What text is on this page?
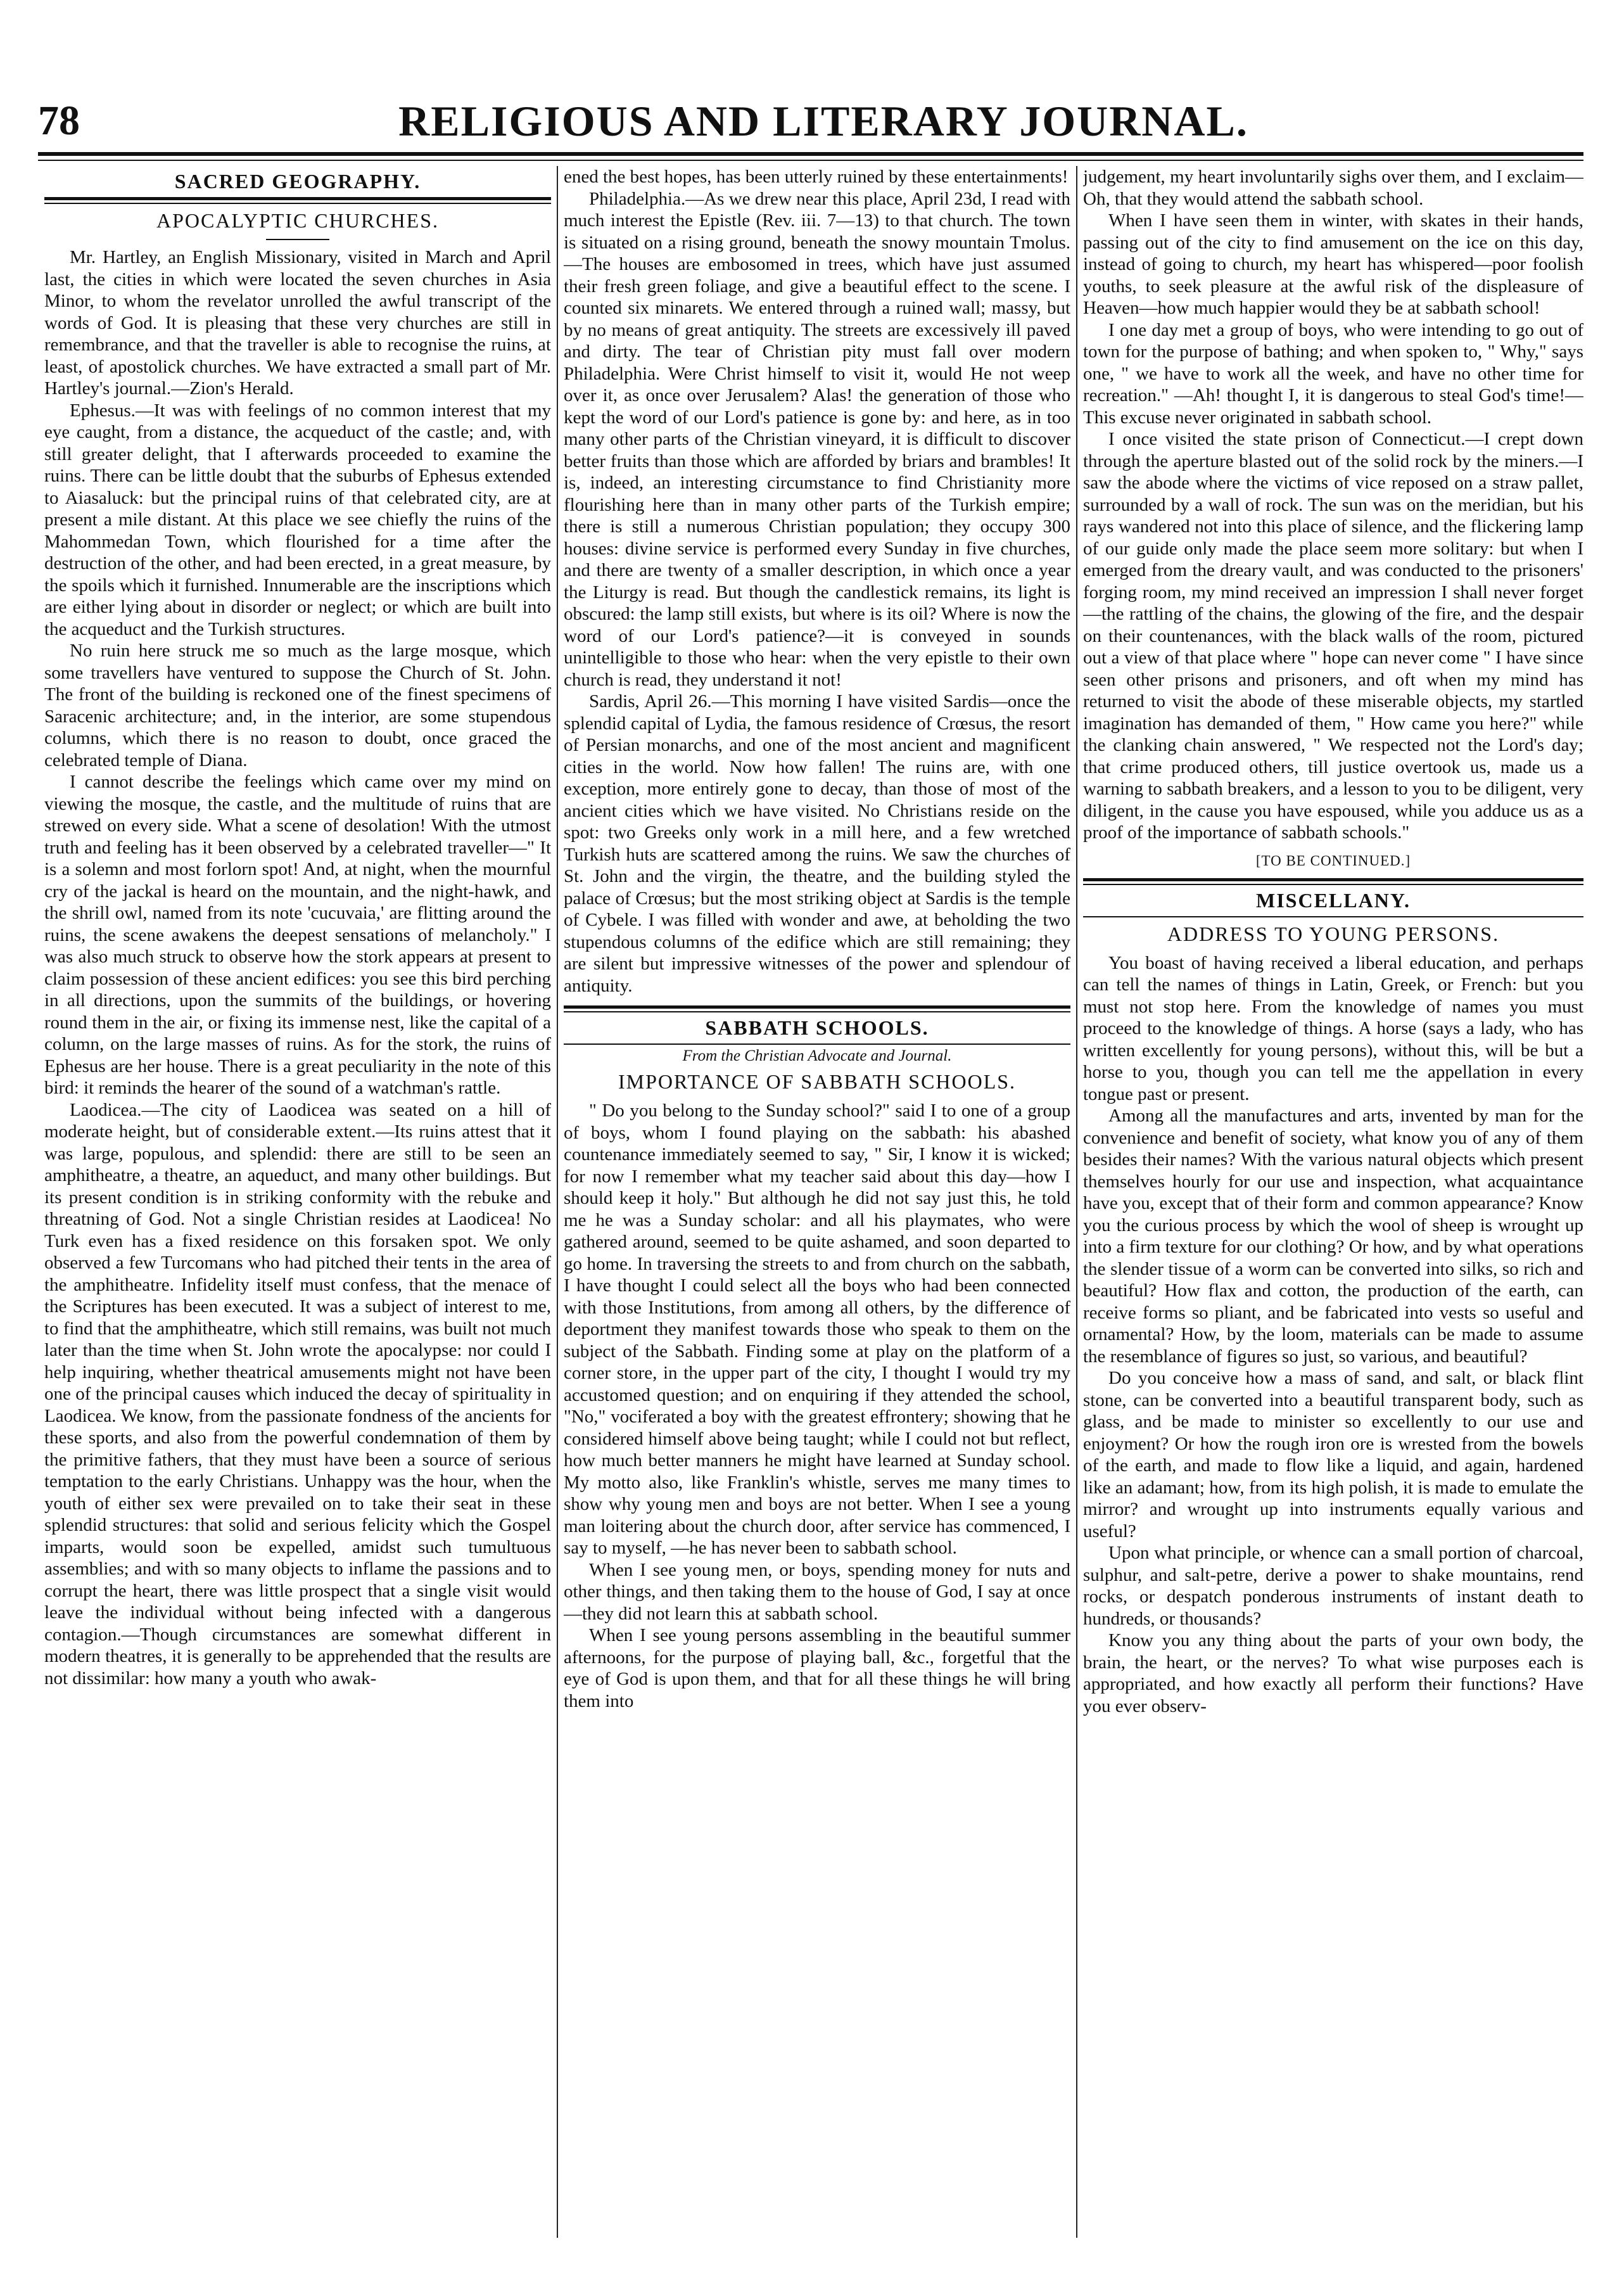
78	RELIGIOUS AND LITERARY JOURNAL.
SACRED GEOGRAPHY.
APOCALYPTIC CHURCHES.

Mr. Hartley, an English Missionary, visited in March and April last, the cities in which were located the seven churches in Asia Minor, to whom the revelator unrolled the awful transcript of the words of God. It is pleasing that these very churches are still in remembrance, and that the traveller is able to recognise the ruins, at least, of apostolick churches. We have extracted a small part of Mr. Hartley's journal.—Zion's Herald.

Ephesus.—It was with feelings of no common interest that my eye caught, from a distance, the acqueduct of the castle; and, with still greater delight, that I afterwards proceeded to examine the ruins. There can be little doubt that the suburbs of Ephesus extended to Aiasaluck: but the principal ruins of that celebrated city, are at present a mile distant. At this place we see chiefly the ruins of the Mahommedan Town, which flourished for a time after the destruction of the other, and had been erected, in a great measure, by the spoils which it furnished. Innumerable are the inscriptions which are either lying about in disorder or neglect; or which are built into the acqueduct and the Turkish structures.

No ruin here struck me so much as the large mosque, which some travellers have ventured to suppose the Church of St. John. The front of the building is reckoned one of the finest specimens of Saracenic architecture; and, in the interior, are some stupendous columns, which there is no reason to doubt, once graced the celebrated temple of Diana.

I cannot describe the feelings which came over my mind on viewing the mosque, the castle, and the multitude of ruins that are strewed on every side. What a scene of desolation! With the utmost truth and feeling has it been observed by a celebrated traveller—" It is a solemn and most forlorn spot! And, at night, when the mournful cry of the jackal is heard on the mountain, and the night-hawk, and the shrill owl, named from its note 'cucuvaia,' are flitting around the ruins, the scene awakens the deepest sensations of melancholy." I was also much struck to observe how the stork appears at present to claim possession of these ancient edifices: you see this bird perching in all directions, upon the summits of the buildings, or hovering round them in the air, or fixing its immense nest, like the capital of a column, on the large masses of ruins. As for the stork, the ruins of Ephesus are her house. There is a great peculiarity in the note of this bird: it reminds the hearer of the sound of a watchman's rattle.

Laodicea.—The city of Laodicea was seated on a hill of moderate height, but of considerable extent.—Its ruins attest that it was large, populous, and splendid: there are still to be seen an amphitheatre, a theatre, an aqueduct, and many other buildings. But its present condition is in striking conformity with the rebuke and threatning of God. Not a single Christian resides at Laodicea! No Turk even has a fixed residence on this forsaken spot. We only observed a few Turcomans who had pitched their tents in the area of the amphitheatre. Infidelity itself must confess, that the menace of the Scriptures has been executed. It was a subject of interest to me, to find that the amphitheatre, which still remains, was built not much later than the time when St. John wrote the apocalypse: nor could I help inquiring, whether theatrical amusements might not have been one of the principal causes which induced the decay of spirituality in Laodicea. We know, from the passionate fondness of the ancients for these sports, and also from the powerful condemnation of them by the primitive fathers, that they must have been a source of serious temptation to the early Christians. Unhappy was the hour, when the youth of either sex were prevailed on to take their seat in these splendid structures: that solid and serious felicity which the Gospel imparts, would soon be expelled, amidst such tumultuous assemblies; and with so many objects to inflame the passions and to corrupt the heart, there was little prospect that a single visit would leave the individual without being infected with a dangerous contagion.—Though circumstances are somewhat different in modern theatres, it is generally to be apprehended that the results are not dissimilar: how many a youth who awak-

ened the best hopes, has been utterly ruined by these entertainments!

Philadelphia.—As we drew near this place, April 23d, I read with much interest the Epistle (Rev. iii. 7—13) to that church. The town is situated on a rising ground, beneath the snowy mountain Tmolus.—The houses are embosomed in trees, which have just assumed their fresh green foliage, and give a beautiful effect to the scene. I counted six minarets. We entered through a ruined wall; massy, but by no means of great antiquity. The streets are excessively ill paved and dirty. The tear of Christian pity must fall over modern Philadelphia. Were Christ himself to visit it, would He not weep over it, as once over Jerusalem? Alas! the generation of those who kept the word of our Lord's patience is gone by: and here, as in too many other parts of the Christian vineyard, it is difficult to discover better fruits than those which are afforded by briars and brambles! It is, indeed, an interesting circumstance to find Christianity more flourishing here than in many other parts of the Turkish empire; there is still a numerous Christian population; they occupy 300 houses: divine service is performed every Sunday in five churches, and there are twenty of a smaller description, in which once a year the Liturgy is read. But though the candlestick remains, its light is obscured: the lamp still exists, but where is its oil? Where is now the word of our Lord's patience?—it is conveyed in sounds unintelligible to those who hear: when the very epistle to their own church is read, they understand it not!

Sardis, April 26.—This morning I have visited Sardis—once the splendid capital of Lydia, the famous residence of Crœsus, the resort of Persian monarchs, and one of the most ancient and magnificent cities in the world. Now how fallen! The ruins are, with one exception, more entirely gone to decay, than those of most of the ancient cities which we have visited. No Christians reside on the spot: two Greeks only work in a mill here, and a few wretched Turkish huts are scattered among the ruins. We saw the churches of St. John and the virgin, the theatre, and the building styled the palace of Crœsus; but the most striking object at Sardis is the temple of Cybele. I was filled with wonder and awe, at beholding the two stupendous columns of the edifice which are still remaining; they are silent but impressive witnesses of the power and splendour of antiquity.

SABBATH SCHOOLS.
From the Christian Advocate and Journal.
IMPORTANCE OF SABBATH SCHOOLS.

" Do you belong to the Sunday school?" said I to one of a group of boys, whom I found playing on the sabbath: his abashed countenance immediately seemed to say, " Sir, I know it is wicked; for now I remember what my teacher said about this day—how I should keep it holy." But although he did not say just this, he told me he was a Sunday scholar: and all his playmates, who were gathered around, seemed to be quite ashamed, and soon departed to go home. In traversing the streets to and from church on the sabbath, I have thought I could select all the boys who had been connected with those Institutions, from among all others, by the difference of deportment they manifest towards those who speak to them on the subject of the Sabbath. Finding some at play on the platform of a corner store, in the upper part of the city, I thought I would try my accustomed question; and on enquiring if they attended the school, "No," vociferated a boy with the greatest effrontery; showing that he considered himself above being taught; while I could not but reflect, how much better manners he might have learned at Sunday school. My motto also, like Franklin's whistle, serves me many times to show why young men and boys are not better. When I see a young man loitering about the church door, after service has commenced, I say to myself, —he has never been to sabbath school.

When I see young men, or boys, spending money for nuts and other things, and then taking them to the house of God, I say at once—they did not learn this at sabbath school.

When I see young persons assembling in the beautiful summer afternoons, for the purpose of playing ball, &c., forgetful that the eye of God is upon them, and that for all these things he will bring them into

judgement, my heart involuntarily sighs over them, and I exclaim—Oh, that they would attend the sabbath school.

When I have seen them in winter, with skates in their hands, passing out of the city to find amusement on the ice on this day, instead of going to church, my heart has whispered—poor foolish youths, to seek pleasure at the awful risk of the displeasure of Heaven—how much happier would they be at sabbath school!

I one day met a group of boys, who were intending to go out of town for the purpose of bathing; and when spoken to, " Why," says one, " we have to work all the week, and have no other time for recreation." —Ah! thought I, it is dangerous to steal God's time!—This excuse never originated in sabbath school.

I once visited the state prison of Connecticut.—I crept down through the aperture blasted out of the solid rock by the miners.—I saw the abode where the victims of vice reposed on a straw pallet, surrounded by a wall of rock. The sun was on the meridian, but his rays wandered not into this place of silence, and the flickering lamp of our guide only made the place seem more solitary: but when I emerged from the dreary vault, and was conducted to the prisoners' forging room, my mind received an impression I shall never forget—the rattling of the chains, the glowing of the fire, and the despair on their countenances, with the black walls of the room, pictured out a view of that place where " hope can never come " I have since seen other prisons and prisoners, and oft when my mind has returned to visit the abode of these miserable objects, my startled imagination has demanded of them, " How came you here?" while the clanking chain answered, " We respected not the Lord's day; that crime produced others, till justice overtook us, made us a warning to sabbath breakers, and a lesson to you to be diligent, very diligent, in the cause you have espoused, while you adduce us as a proof of the importance of sabbath schools."

[TO BE CONTINUED.]
MISCELLANY.
ADDRESS TO YOUNG PERSONS.

You boast of having received a liberal education, and perhaps can tell the names of things in Latin, Greek, or French: but you must not stop here. From the knowledge of names you must proceed to the knowledge of things. A horse (says a lady, who has written excellently for young persons), without this, will be but a horse to you, though you can tell me the appellation in every tongue past or present.

Among all the manufactures and arts, invented by man for the convenience and benefit of society, what know you of any of them besides their names? With the various natural objects which present themselves hourly for our use and inspection, what acquaintance have you, except that of their form and common appearance? Know you the curious process by which the wool of sheep is wrought up into a firm texture for our clothing? Or how, and by what operations the slender tissue of a worm can be converted into silks, so rich and beautiful? How flax and cotton, the production of the earth, can receive forms so pliant, and be fabricated into vests so useful and ornamental? How, by the loom, materials can be made to assume the resemblance of figures so just, so various, and beautiful?

Do you conceive how a mass of sand, and salt, or black flint stone, can be converted into a beautiful transparent body, such as glass, and be made to minister so excellently to our use and enjoyment? Or how the rough iron ore is wrested from the bowels of the earth, and made to flow like a liquid, and again, hardened like an adamant; how, from its high polish, it is made to emulate the mirror? and wrought up into instruments equally various and useful?

Upon what principle, or whence can a small portion of charcoal, sulphur, and salt-petre, derive a power to shake mountains, rend rocks, or despatch ponderous instruments of instant death to hundreds, or thousands?

Know you any thing about the parts of your own body, the brain, the heart, or the nerves? To what wise purposes each is appropriated, and how exactly all perform their functions? Have you ever observ-
